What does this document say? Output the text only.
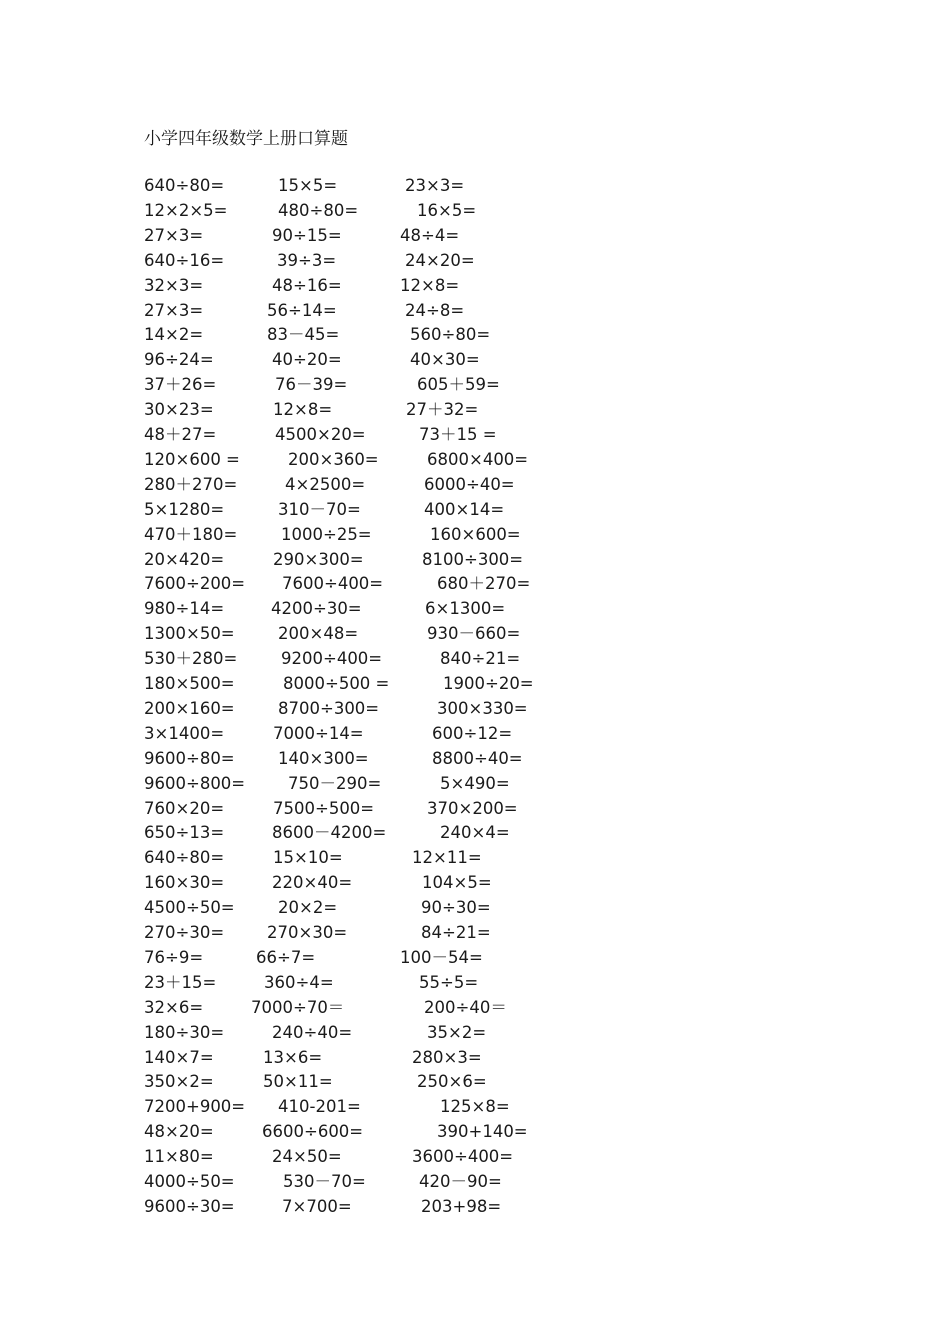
小学四年级数学上册口算题
640÷80=	15×5=	23×3=
12×2×5=	480÷80=	16×5=
27×3=	90÷15=	48÷4=
640÷16=	39÷3=	24×20=
32×3=	48÷16=	12×8=
27×3=	56÷14=	24÷8=
14×2=	83－45=	560÷80=
96÷24=	40÷20=	40×30=
37＋26=	76－39=	605＋59=
30×23=	12×8=	27＋32=
48＋27=	4500×20=	73＋15 =
120×600 =	200×360=	6800×400=
280＋270=	4×2500=	6000÷40=
5×1280=	310－70=	400×14=
470＋180=	1000÷25=	160×600=
20×420=	290×300=	8100÷300=
7600÷200= 7600÷400=	680＋270=
980÷14=	4200÷30=	6×1300=
1300×50=	200×48=	930－660=
530＋280=	9200÷400=	840÷21=
180×500=	8000÷500 =	1900÷20=
200×160=	8700÷300=	300×330=
3×1400=	7000÷14=	600÷12=
9600÷80=	140×300=	8800÷40=
9600÷800=	750－290=	5×490=
760×20=	7500÷500=	370×200=
650÷13=	8600－4200=	240×4=
640÷80=	15×10=	12×11=
160×30=	220×40=	104×5=
4500÷50=	20×2=	90÷30=
270÷30=	270×30=	84÷21=
76÷9=	66÷7=	100－54=
23＋15=	360÷4=	55÷5=
32×6=	7000÷70＝	200÷40＝
180÷30=	240÷40=	35×2=
140×7=	13×6=	280×3=
350×2=	50×11=	250×6=
7200+900= 410-201=	125×8=
48×20=	6600÷600=	390+140=
11×80=	24×50=	3600÷400=
4000÷50=	530－70=	420－90=
9600÷30=	7×700=	203+98=
